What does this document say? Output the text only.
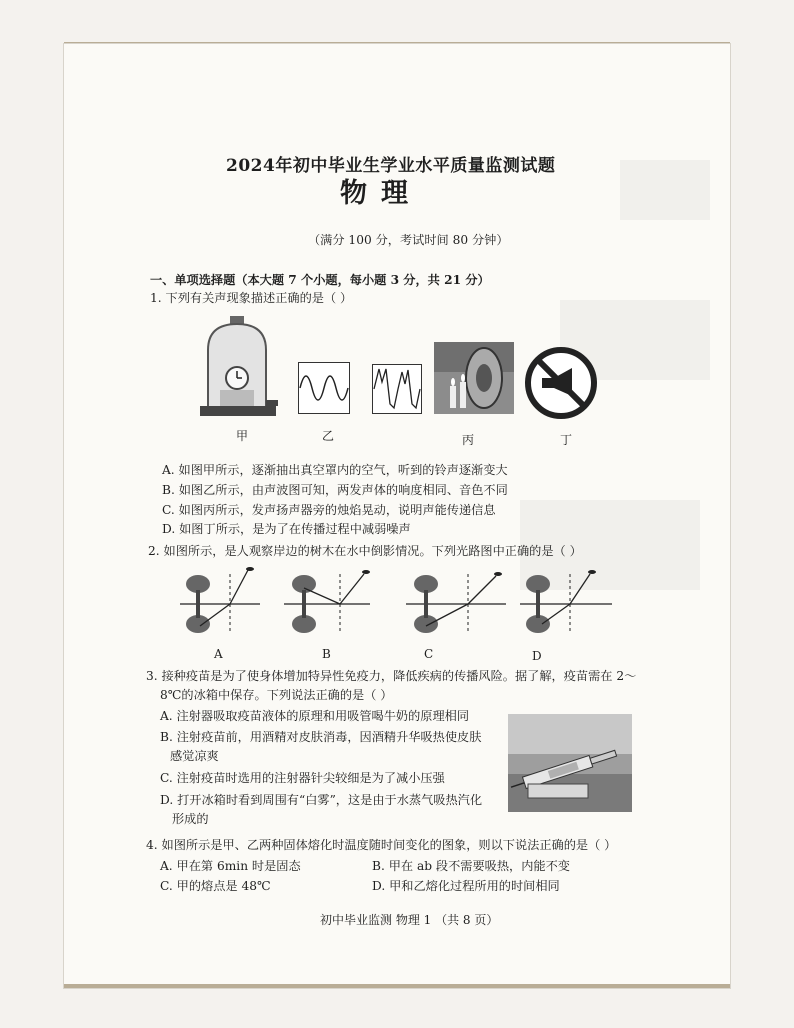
2024年初中毕业生学业水平质量监测试题
物理
（满分 100 分，考试时间 80 分钟）
一、单项选择题（本大题 7 个小题，每小题 3 分，共 21 分）
1. 下列有关声现象描述正确的是（ ）
甲	乙	丙	丁
A. 如图甲所示，逐渐抽出真空罩内的空气，听到的铃声逐渐变大
B. 如图乙所示，由声波图可知，两发声体的响度相同、音色不同
C. 如图丙所示，发声扬声器旁的烛焰晃动，说明声能传递信息
D. 如图丁所示，是为了在传播过程中减弱噪声
2. 如图所示，是人观察岸边的树木在水中倒影情况。下列光路图中正确的是（ ）
A	B	C	D
3. 接种疫苗是为了使身体增加特异性免疫力，降低疾病的传播风险。据了解，疫苗需在 2～
8℃的冰箱中保存。下列说法正确的是（ ）
A. 注射器吸取疫苗液体的原理和用吸管喝牛奶的原理相同
B. 注射疫苗前，用酒精对皮肤消毒，因酒精升华吸热使皮肤
感觉凉爽
C. 注射疫苗时选用的注射器针尖较细是为了减小压强
D. 打开冰箱时看到周围有“白雾”，这是由于水蒸气吸热汽化
形成的
4. 如图所示是甲、乙两种固体熔化时温度随时间变化的图象，则以下说法正确的是（ ）
A. 甲在第 6min 时是固态	B. 甲在 ab 段不需要吸热，内能不变
C. 甲的熔点是 48℃	D. 甲和乙熔化过程所用的时间相同
初中毕业监测 物理 1 （共 8 页）
